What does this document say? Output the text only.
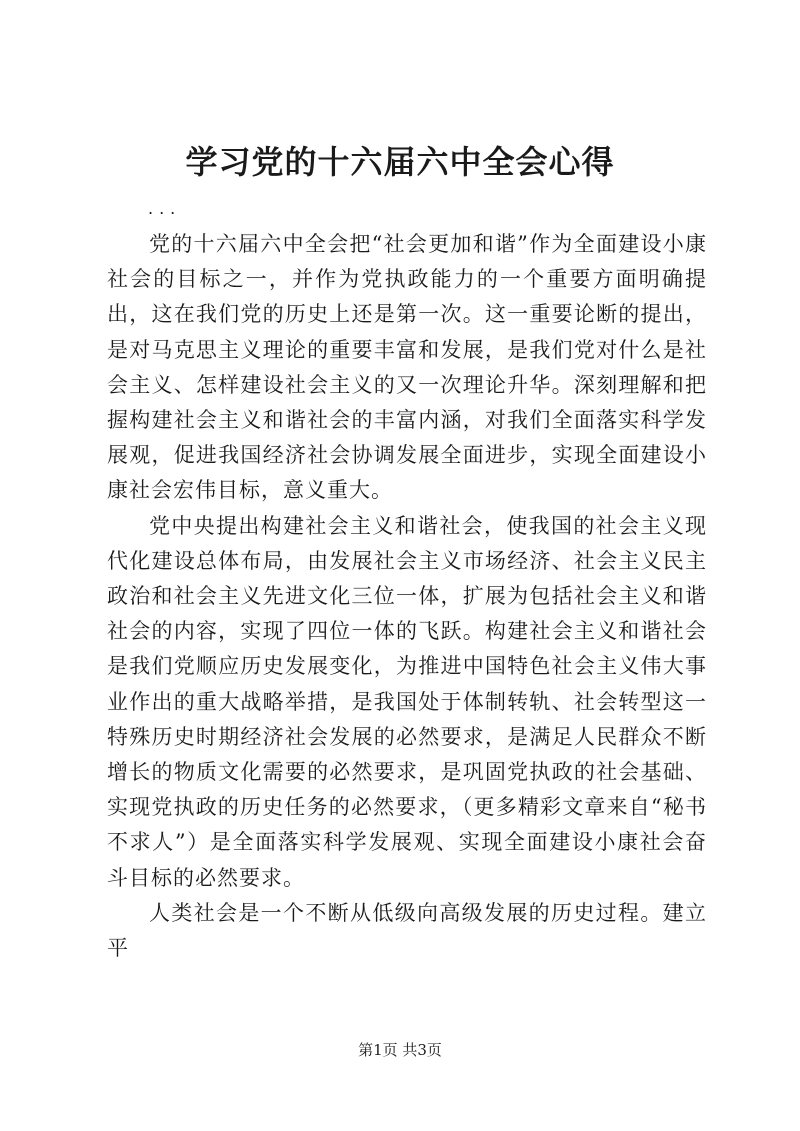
学习党的十六届六中全会心得
...

党的十六届六中全会把“社会更加和谐”作为全面建设小康社会的目标之一，并作为党执政能力的一个重要方面明确提出，这在我们党的历史上还是第一次。这一重要论断的提出，是对马克思主义理论的重要丰富和发展，是我们党对什么是社会主义、怎样建设社会主义的又一次理论升华。深刻理解和把握构建社会主义和谐社会的丰富内涵，对我们全面落实科学发展观，促进我国经济社会协调发展全面进步，实现全面建设小康社会宏伟目标，意义重大。

党中央提出构建社会主义和谐社会，使我国的社会主义现代化建设总体布局，由发展社会主义市场经济、社会主义民主政治和社会主义先进文化三位一体，扩展为包括社会主义和谐社会的内容，实现了四位一体的飞跃。构建社会主义和谐社会是我们党顺应历史发展变化，为推进中国特色社会主义伟大事业作出的重大战略举措，是我国处于体制转轨、社会转型这一特殊历史时期经济社会发展的必然要求，是满足人民群众不断增长的物质文化需要的必然要求，是巩固党执政的社会基础、实现党执政的历史任务的必然要求，（更多精彩文章来自“秘书不求人”）是全面落实科学发展观、实现全面建设小康社会奋斗目标的必然要求。

人类社会是一个不断从低级向高级发展的历史过程。建立平

第1页 共3页
